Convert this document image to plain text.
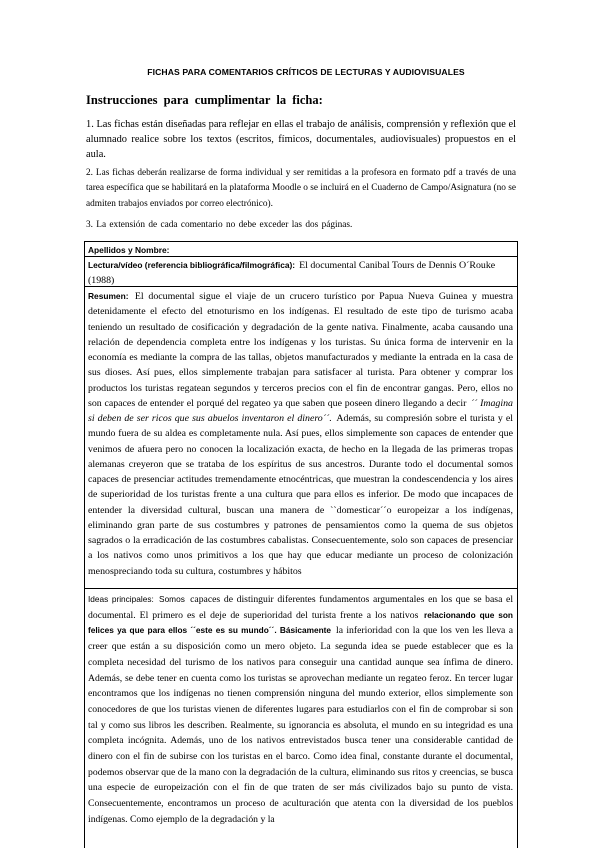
FICHAS PARA COMENTARIOS CRÍTICOS DE LECTURAS Y AUDIOVISUALES
Instrucciones para cumplimentar la ficha:
1. Las fichas están diseñadas para reflejar en ellas el trabajo de análisis, comprensión y reflexión que el alumnado realice sobre los textos (escritos, fímicos, documentales, audiovisuales) propuestos en el aula.
2. Las fichas deberán realizarse de forma individual y ser remitidas a la profesora en formato pdf a través de una tarea específica que se habilitará en la plataforma Moodle o se incluirá en el Cuaderno de Campo/Asignatura (no se admiten trabajos enviados por correo electrónico).
3. La extensión de cada comentario no debe exceder las dos páginas.
Apellidos y Nombre:
Lectura/vídeo (referencia bibliográfica/filmográfica): El documental Canibal Tours de Dennis O´Rouke (1988)
Resumen: El documental sigue el viaje de un crucero turístico por Papua Nueva Guinea y muestra detenidamente el efecto del etnoturismo en los indígenas. El resultado de este tipo de turismo acaba teniendo un resultado de cosificación y degradación de la gente nativa. Finalmente, acaba causando una relación de dependencia completa entre los indígenas y los turistas. Su única forma de intervenir en la economía es mediante la compra de las tallas, objetos manufacturados y mediante la entrada en la casa de sus dioses. Así pues, ellos simplemente trabajan para satisfacer al turista. Para obtener y comprar los productos los turistas regatean segundos y terceros precios con el fin de encontrar gangas. Pero, ellos no son capaces de entender el porqué del regateo ya que saben que poseen dinero llegando a decir ´´ Imagina si deben de ser ricos que sus abuelos inventaron el dinero´´. Además, su compresión sobre el turista y el mundo fuera de su aldea es completamente nula. Así pues, ellos simplemente son capaces de entender que venimos de afuera pero no conocen la localización exacta, de hecho en la llegada de las primeras tropas alemanas creyeron que se trataba de los espíritus de sus ancestros. Durante todo el documental somos capaces de presenciar actitudes tremendamente etnocéntricas, que muestran la condescendencia y los aires de superioridad de los turistas frente a una cultura que para ellos es inferior. De modo que incapaces de entender la diversidad cultural, buscan una manera de ``domesticar´´o europeizar a los indígenas, eliminando gran parte de sus costumbres y patrones de pensamientos como la quema de sus objetos sagrados o la erradicación de las costumbres cabalistas. Consecuentemente, solo son capaces de presenciar a los nativos como unos primitivos a los que hay que educar mediante un proceso de colonización menospreciando toda su cultura, costumbres y hábitos
Ideas principales: Somos capaces de distinguir diferentes fundamentos argumentales en los que se basa el documental. El primero es el deje de superioridad del turista frente a los nativos relacionando que son felices ya que para ellos ´´este es su mundo´´. Básicamente la inferioridad con la que los ven les lleva a creer que están a su disposición como un mero objeto. La segunda idea se puede establecer que es la completa necesidad del turismo de los nativos para conseguir una cantidad aunque sea ínfima de dinero. Además, se debe tener en cuenta como los turistas se aprovechan mediante un regateo feroz. En tercer lugar encontramos que los indígenas no tienen comprensión ninguna del mundo exterior, ellos simplemente son conocedores de que los turistas vienen de diferentes lugares para estudiarlos con el fin de comprobar si son tal y como sus libros les describen. Realmente, su ignorancia es absoluta, el mundo en su integridad es una completa incógnita. Además, uno de los nativos entrevistados busca tener una considerable cantidad de dinero con el fin de subirse con los turistas en el barco. Como idea final, constante durante el documental, podemos observar que de la mano con la degradación de la cultura, eliminando sus ritos y creencias, se busca una especie de europeización con el fin de que traten de ser más civilizados bajo su punto de vista. Consecuentemente, encontramos un proceso de aculturación que atenta con la diversidad de los pueblos indígenas. Como ejemplo de la degradación y la
